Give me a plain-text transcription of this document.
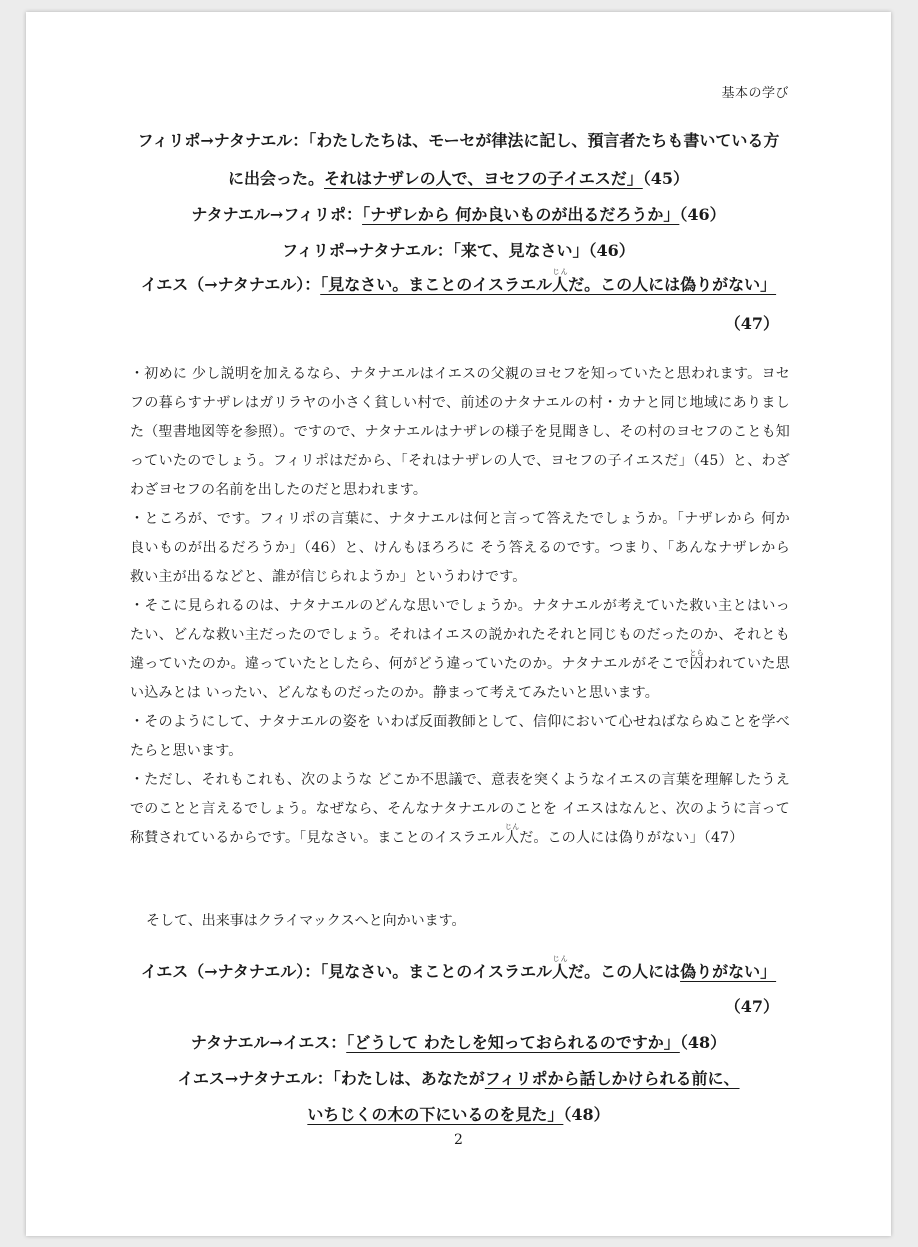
基本の学び
フィリポ→ナタナエル：「わたしたちは、モーセが律法に記し、預言者たちも書いている方
に出会った。それはナザレの人で、ヨセフの子イエスだ」（45）
ナタナエル→フィリポ：「ナザレから 何か良いものが出るだろうか」（46）
フィリポ→ナタナエル：「来て、見なさい」（46）
イエス（→ナタナエル）：「見なさい。まことのイスラエル人じんだ。この人には偽りがない」
（47）

・初めに 少し説明を加えるなら、ナタナエルはイエスの父親のヨセフを知っていたと思われます。ヨセフの暮らすナザレはガリラヤの小さく貧しい村で、前述のナタナエルの村・カナと同じ地域にありました（聖書地図等を参照）。ですので、ナタナエルはナザレの様子を見聞きし、その村のヨセフのことも知っていたのでしょう。フィリポはだから、「それはナザレの人で、ヨセフの子イエスだ」（45）と、わざわざヨセフの名前を出したのだと思われます。

・ところが、です。フィリポの言葉に、ナタナエルは何と言って答えたでしょうか。「ナザレから 何か良いものが出るだろうか」（46）と、けんもほろろに そう答えるのです。つまり、「あんなナザレから救い主が出るなどと、誰が信じられようか」というわけです。

・そこに見られるのは、ナタナエルのどんな思いでしょうか。ナタナエルが考えていた救い主とはいったい、どんな救い主だったのでしょう。それはイエスの説かれたそれと同じものだったのか、それとも違っていたのか。違っていたとしたら、何がどう違っていたのか。ナタナエルがそこで囚とらわれていた思い込みとは いったい、どんなものだったのか。静まって考えてみたいと思います。

・そのようにして、ナタナエルの姿を いわば反面教師として、信仰において心せねばならぬことを学べたらと思います。

・ただし、それもこれも、次のような どこか不思議で、意表を突くようなイエスの言葉を理解したうえでのことと言えるでしょう。なぜなら、そんなナタナエルのことを イエスはなんと、次のように言って称賛されているからです。「見なさい。まことのイスラエル人じんだ。この人には偽りがない」（47）

そして、出来事はクライマックスへと向かいます。
イエス（→ナタナエル）：「見なさい。まことのイスラエル人じんだ。この人には偽りがない」
（47）
ナタナエル→イエス：「どうして わたしを知っておられるのですか」（48）
イエス→ナタナエル：「わたしは、あなたがフィリポから話しかけられる前に、
いちじくの木の下にいるのを見た」（48）
2
